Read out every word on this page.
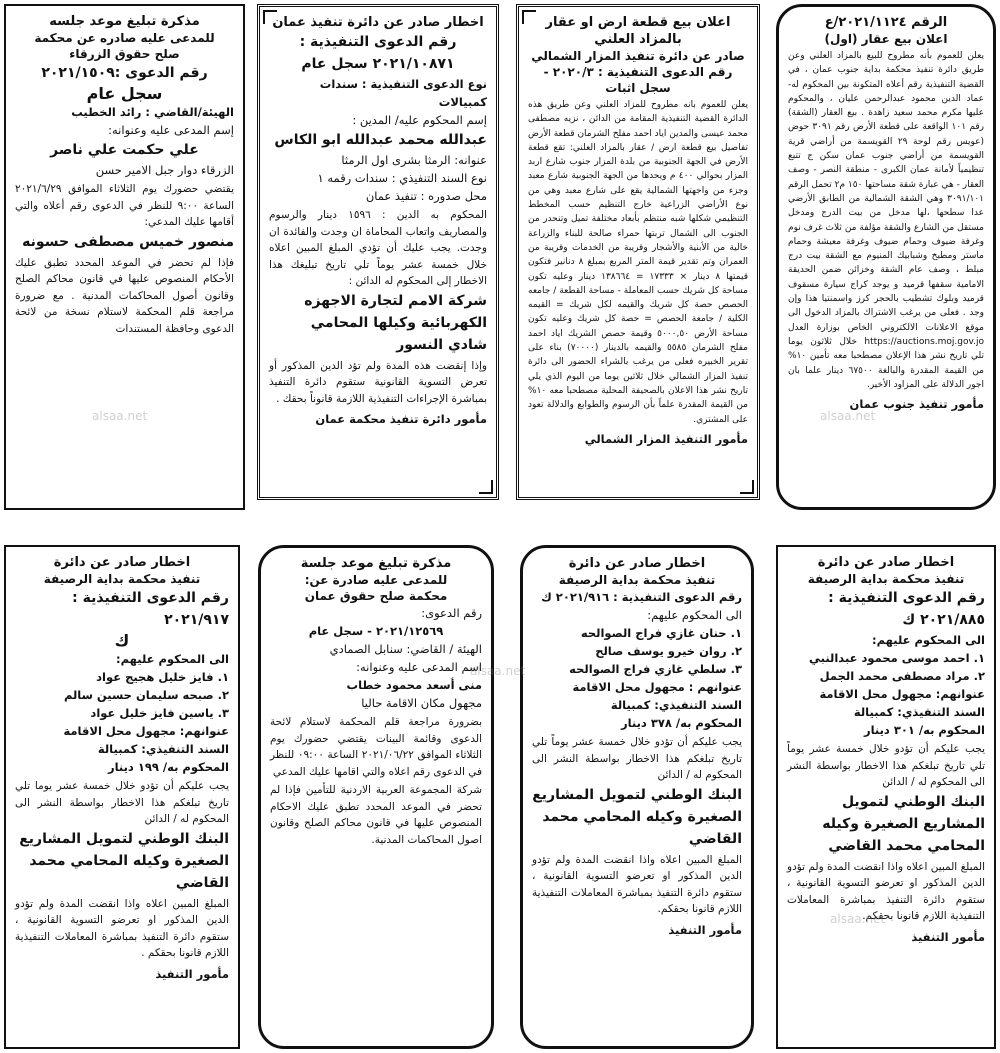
مذكرة تبليغ موعد جلسه

للمدعى عليه صادره عن محكمة

صلح حقوق الزرقاء

رقم الدعوى :٢٠٢١/١٥٠٩

سجل عام

الهيئة/القاضي : رائد الخطيب

إسم المدعى عليه وعنوانه:

علي حكمت علي ناصر

الزرقاء دوار جبل الامير حسن

يقتضي حضورك يوم الثلاثاء الموافق ٢٠٢١/٦/٢٩ الساعة ٩:٠٠ للنظر في الدعوى رقم أعلاه والتي أقامها عليك المدعي:

منصور خميس مصطفى حسونه

فإذا لم تحضر في الموعد المحدد تطبق عليك الأحكام المنصوص عليها في قانون محاكم الصلح وقانون أصول المحاكمات المدنية . مع ضرورة مراجعة قلم المحكمة لاستلام نسخة من لائحة الدعوى وحافظة المستندات

اخطار صادر عن دائرة تنفيذ عمان

رقم الدعوى التنفيذية :

٢٠٢١/١٠٨٧١ سجل عام

نوع الدعوى التنفيذية : سندات كمبيالات

إسم المحكوم عليه/ المدين :

عبدالله محمد عبدالله ابو الكاس

عنوانه: الرمثا بشرى اول الرمثا

نوع السند التنفيذي : سندات رقمه ١

محل صدوره : تنفيذ عمان

المحكوم به الدين : ١٥٩٦ دينار والرسوم والمصاريف واتعاب المحاماة ان وجدت والفائدة ان وجدت. يجب عليك أن تؤدي المبلغ المبين اعلاه خلال خمسة عشر يوماً تلي تاريخ تبليغك هذا الاخطار إلى المحكوم له الدائن :

شركة الامم لتجارة الاجهزه الكهربائية وكيلها المحامي شادي النسور

وإذا إنقضت هذه المدة ولم تؤد الدين المذكور أو تعرض التسوية القانونية ستقوم دائرة التنفيذ بمباشرة الإجراءات التنفيذية اللازمة قانوناً بحقك .

مأمور دائرة تنفيذ محكمة عمان

اعلان بيع قطعة ارض او عقار بالمزاد العلني

صادر عن دائرة تنفيذ المزار الشمالي

رقم الدعوى التنفيذية : ٢٠٢٠/٣ - سجل اثبات

يعلن للعموم بانه مطروح للمزاد العلني وعن طريق هذه الدائرة القضية التنفيذية المقامة من الدائن ، نزيه مصطفى محمد عيسى والمدين اياد احمد مفلح الشرمان قطعة الأرض تفاصيل بيع قطعة ارض / عقار بالمزاد العلني: تقع قطعة الأرض في الجهة الجنوبية من بلدة المزار جنوب شارع اربد المزار بحوالي ٤٠٠ م ويحدها من الجهة الجنوبية شارع معبد وجزء من واجهتها الشمالية يقع على شارع معبد وهي من نوع الأراضي الزراعية خارج التنظيم حسب المخطط التنظيمي شكلها شبه منتظم بأبعاد مختلفة تميل وتنحدر من الجنوب الى الشمال تربتها حمراء صالحة للبناء والزراعة خالية من الأبنية والأشجار وقريبة من الخدمات وقريبة من العمران وتم تقدير قيمة المتر المربع بمبلغ ٨ دنانير فتكون قيمتها ٨ دينار × ١٧٣٣٣ = ١٣٨٦٦٤ دينار وعليه تكون مساحة كل شريك حسب المعاملة - مساحة القطعة / جامعه الحصص حصة كل شريك والقيمه لكل شريك = القيمه الكلية / جامعة الحصص = حصة كل شريك وعليه تكون مساحة الأرض ٥٠٠٠,٥٠ وقيمة حصص الشريك اياد احمد مفلح الشرمان ٥٥٨٥ والقيمه بالدينار (٧٠٠٠٠) بناء على تقرير الخبيره فعلى من يرغب بالشراء الحضور الى دائرة تنفيذ المزار الشمالي خلال ثلاثين يوما من اليوم الذي يلي تاريخ نشر هذا الاعلان بالصحيفة المحلية مصطحبا معه ١٠% من القيمة المقدرة علماً بأن الرسوم والطوابع والدلالة تعود على المشتري.

مأمور التنفيذ المزار الشمالي

الرقم ٢٠٢١/١١٢٤/ع

اعلان بيع عقار (اول)

يعلن للعموم بأنه مطروح للبيع بالمزاد العلني وعن طريق دائرة تنفيذ محكمة بداية جنوب عمان ، في القضية التنفيذية رقم أعلاه المتكونة بين المحكوم له- عماد الدين محمود عبدالرحمن عليان ، والمحكوم عليها مكرم محمد سعيد زاهدة . بيع العقار (الشقة) رقم ١٠١ الواقعة على قطعة الأرض رقم ٣٠٩١ حوض (عويس رقم لوحة ٢٩ القويسمة من أراضي قرية القويسمة من أراضي جنوب عمان سكن ج تتبع تنظيمياً لأمانة عمان الكبرى - منطقة النصر - وصف العقار - هي عبارة شقة مساحتها ١٥٠ م٢ تحمل الرقم ٣٠٩١/١٠١ وهي الشقة الشمالية من الطابق الأرضي عدا سطحها ،لها مدخل من بيت الدرج ومدخل مستقل من الشارع والشقة مؤلفة من ثلاث غرف نوم وغرفة ضيوف وحمام ضيوف وغرفة معيشة وحمام ماستر ومطبخ وشبابيك المنيوم مع الشقة بيت درج مبلط ، وصف عام الشقة وخزائن ضمن الحديقة الامامية سقفها قرميد و يوجد كراج سيارة مسقوف قرميد وبلوك تشطيب بالحجر كرز واسمنتيا هذا وإن وجد . فعلى من يرغب الاشتراك بالمزاد الدخول الى موقع الاعلانات الالكتروني الخاص بوزارة العدل https://auctions.moj.gov.jo خلال ثلاثون يوما تلي تاريخ نشر هذا الإعلان مصطحبا معه تأمين ١٠% من القيمة المقدرة والبالغة ٦٧٥٠٠ دينار علما بان اجور الدلالة على المزاود الأخير.

مأمور تنفيذ جنوب عمان

اخطار صادر عن دائرة

تنفيذ محكمة بداية الرصيفة

رقم الدعوى التنفيذية : ٢٠٢١/٩١٧

ك

الى المحكوم عليهم:

١. فايز خليل هجيج عواد

٢. صبحه سليمان حسين سالم

٣. ياسين فايز خليل عواد

عنوانهم: مجهول محل الاقامة

السند التنفيذي: كمبيالة

المحكوم به/ ١٩٩ دينار

يجب عليكم أن تؤدو خلال خمسة عشر يوما تلي تاريخ تبلغكم هذا الاخطار بواسطة النشر الى المحكوم له / الدائن

البنك الوطني لتمويل المشاريع الصغيرة وكيله المحامي محمد القاضي

المبلغ المبين اعلاه واذا انقضت المدة ولم تؤدو الدين المذكور او تعرضو التسوية القانونية ، ستقوم دائرة التنفيذ بمباشرة المعاملات التنفيذية اللازم قانونا بحقكم .

مأمور التنفيذ

مذكرة تبليغ موعد جلسة

للمدعى عليه صادرة عن:

محكمة صلح حقوق عمان

رقم الدعوى:

٢٠٢١/١٢٥٦٩ - سجل عام

الهيئة / القاضي: سنابل الصمادي

اسم المدعى عليه وعنوانه:

منى أسعد محمود خطاب

مجهول مكان الاقامة حاليا

بضرورة مراجعة قلم المحكمة لاستلام لائحة الدعوى وقائمة البينات يقتضي حضورك يوم الثلاثاء الموافق ٢٠٢١/٠٦/٢٢ الساعة ٠٩:٠٠ للنظر في الدعوى رقم اعلاه والتي اقامها عليك المدعي

شركة المجموعة العربية الاردنية للتأمين فإذا لم تحضر في الموعد المحدد تطبق عليك الاحكام المنصوص عليها في قانون محاكم الصلح وقانون اصول المحاكمات المدنية.

اخطار صادر عن دائرة

تنفيذ محكمة بداية الرصيفة

رقم الدعوى التنفيذية : ٢٠٢١/٩١٦ ك

الى المحكوم عليهم:

١. حنان غازي فراج الصوالحه

٢. روان خيرو يوسف صالح

٣. سلطي غازي فراج الصوالحه

عنوانهم : مجهول محل الاقامة

السند التنفيذي: كمبيالة

المحكوم به/ ٣٧٨ دينار

يجب عليكم أن تؤدو خلال خمسة عشر يوماً تلي تاريخ تبلغكم هذا الاخطار بواسطة النشر الى المحكوم له / الدائن

البنك الوطني لتمويل المشاريع الصغيرة وكيله المحامي محمد القاضي

المبلغ المبين اعلاه واذا انقضت المدة ولم تؤدو الدين المذكور او تعرضو التسوية القانونية ، ستقوم دائرة التنفيذ بمباشرة المعاملات التنفيذية اللازم قانونا بحقكم.

مأمور التنفيذ

اخطار صادر عن دائرة

تنفيذ محكمة بداية الرصيفة

رقم الدعوى التنفيذية : ٢٠٢١/٨٨٥ ك

الى المحكوم عليهم:

١. احمد موسى محمود عبدالنبي

٢. مراد مصطفى محمد الجمل

عنوانهم: مجهول محل الاقامة

السند التنفيذي: كمبيالة

المحكوم به/ ٣٠١ دينار

يجب عليكم أن تؤدو خلال خمسة عشر يوماً تلي تاريخ تبلغكم هذا الاخطار بواسطة النشر الى المحكوم له / الدائن

البنك الوطني لتمويل المشاريع الصغيرة وكيله المحامي محمد القاضي

المبلغ المبين اعلاه واذا انقضت المدة ولم تؤدو الدين المذكور او تعرضو التسوية القانونية ، ستقوم دائرة التنفيذ بمباشرة المعاملات التنفيذية اللازم قانونا بحقكم.

مأمور التنفيذ

alsaa.net	alsaa.net
alsaa.net
alsaa.net
